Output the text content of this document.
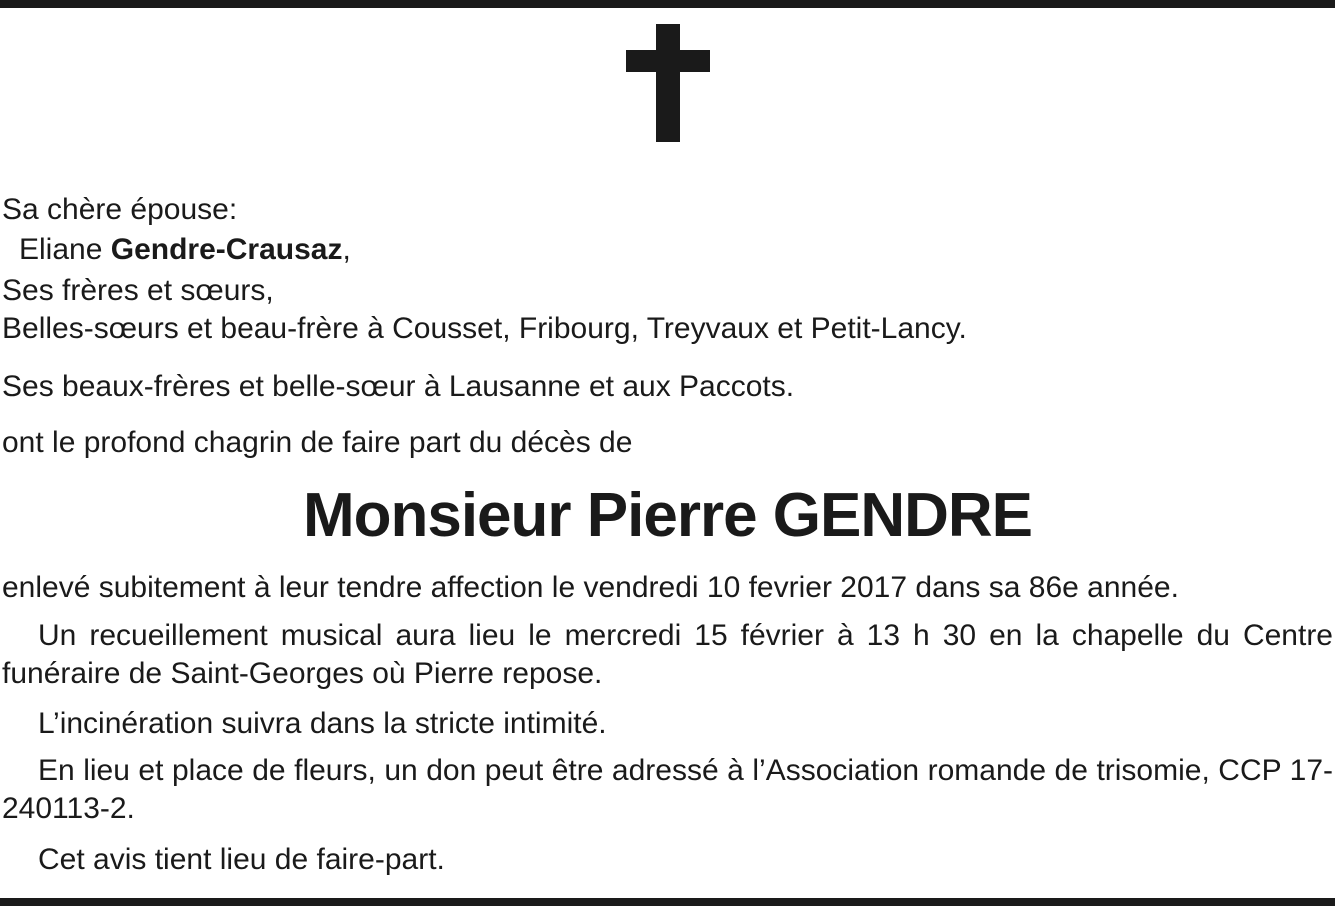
Sa chère épouse:
Eliane Gendre-Crausaz,
Ses frères et sœurs,
Belles-sœurs et beau-frère à Cousset, Fribourg, Treyvaux et Petit-Lancy.
Ses beaux-frères et belle-sœur à Lausanne et aux Paccots.
ont le profond chagrin de faire part du décès de
Monsieur Pierre GENDRE
enlevé subitement à leur tendre affection le vendredi 10 fevrier 2017 dans sa 86e année.
Un recueillement musical aura lieu le mercredi 15 février à 13 h 30 en la chapelle du Centre funéraire de Saint-Georges où Pierre repose.
L’incinération suivra dans la stricte intimité.
En lieu et place de fleurs, un don peut être adressé à l’Association romande de trisomie, CCP 17-240113-2.
Cet avis tient lieu de faire-part.
